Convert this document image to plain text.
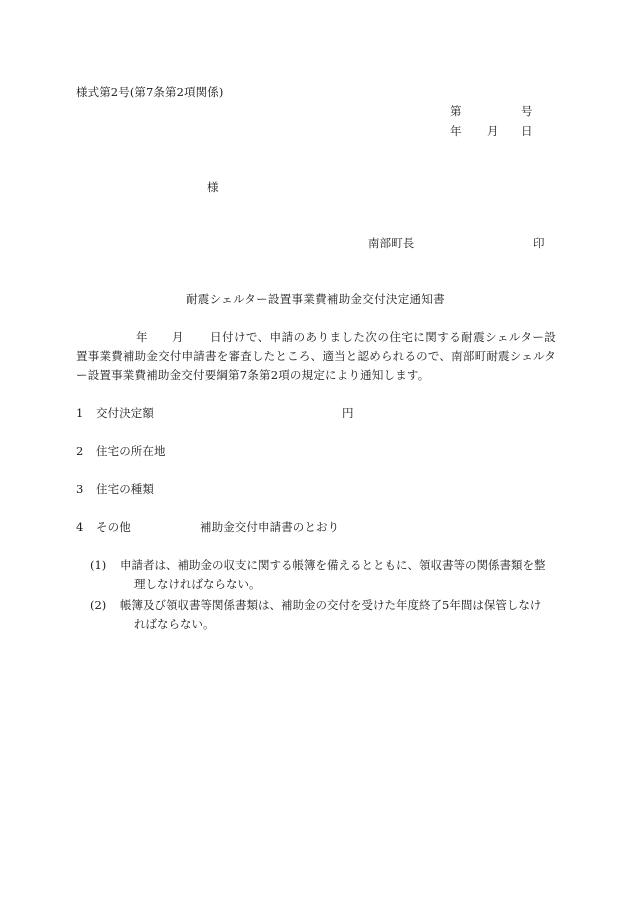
様式第2号(第7条第2項関係)
第	号
年 月 日
様
南部町長	印
耐震シェルター設置事業費補助金交付決定通知書
年 月	日付けで、申請のありました次の住宅に関する耐震シェルター設置事業費補助金交付申請書を審査したところ、適当と認められるので、南部町耐震シェルター設置事業費補助金交付要綱第7条第2項の規定により通知します。
1 交付決定額	円
2 住宅の所在地
3 住宅の種類
4 その他	補助金交付申請書のとおり
(1) 申請者は、補助金の収支に関する帳簿を備えるとともに、領収書等の関係書類を整
理しなければならない。
(2) 帳簿及び領収書等関係書類は、補助金の交付を受けた年度終了5年間は保管しなけ
ればならない。
